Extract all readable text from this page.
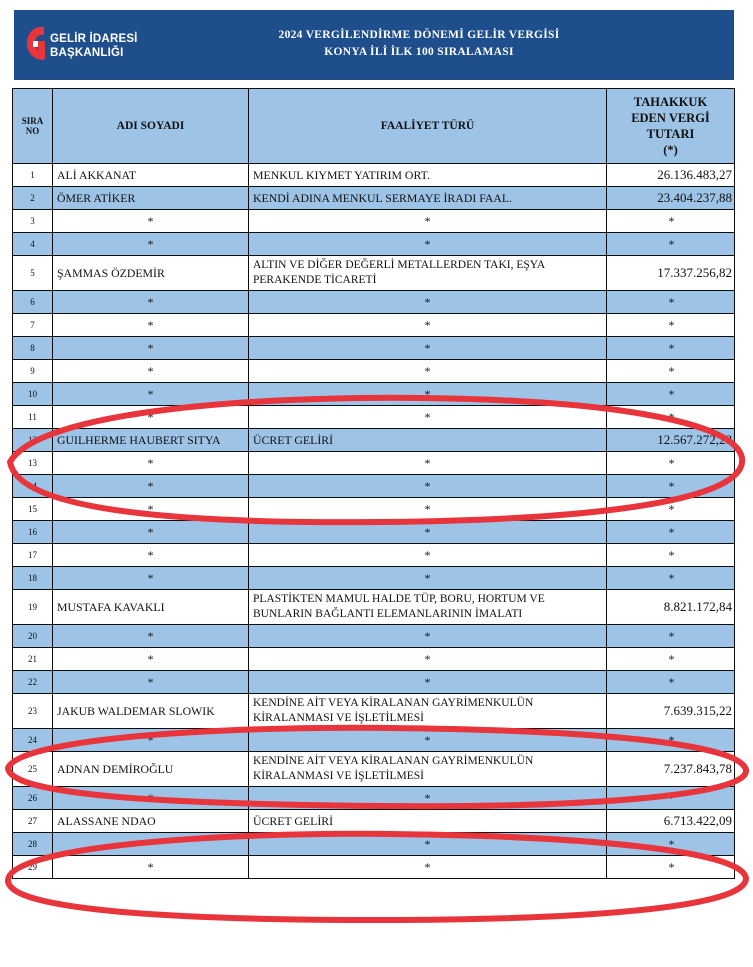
GELİR İDARESİ
BAŞKANLIĞI
2024 VERGİLENDİRME DÖNEMİ GELİR VERGİSİ
KONYA İLİ İLK 100 SIRALAMASI
SIRA NO	ADI SOYADI	FAALİYET TÜRÜ	TAHAKKUK
EDEN VERGİ
TUTARI
(*)

1	ALİ AKKANAT	MENKUL KIYMET YATIRIM ORT.	26.136.483,27
2	ÖMER ATİKER	KENDİ ADINA MENKUL SERMAYE İRADI FAAL.	23.404.237,88
3	*	*	*
4	*	*	*
5	ŞAMMAS ÖZDEMİR	ALTIN VE DİĞER DEĞERLİ METALLERDEN TAKI, EŞYA PERAKENDE TİCARETİ	17.337.256,82
6	*	*	*
7	*	*	*
8	*	*	*
9	*	*	*
10	*	*	*
11	*	*	*
12	GUILHERME HAUBERT SITYA	ÜCRET GELİRİ	12.567.272,28
13	*	*	*
14	*	*	*
15	*	*	*
16	*	*	*
17	*	*	*
18	*	*	*
19	MUSTAFA KAVAKLI	PLASTİKTEN MAMUL HALDE TÜP, BORU, HORTUM VE BUNLARIN BAĞLANTI ELEMANLARININ İMALATI	8.821.172,84
20	*	*	*
21	*	*	*
22	*	*	*
23	JAKUB WALDEMAR SLOWIK	KENDİNE AİT VEYA KİRALANAN GAYRİMENKULÜN KİRALANMASI VE İŞLETİLMESİ	7.639.315,22
24	*	*	*
25	ADNAN DEMİROĞLU	KENDİNE AİT VEYA KİRALANAN GAYRİMENKULÜN KİRALANMASI VE İŞLETİLMESİ	7.237.843,78
26	*	*	*
27	ALASSANE NDAO	ÜCRET GELİRİ	6.713.422,09
28	*	*	*
29	*	*	*
